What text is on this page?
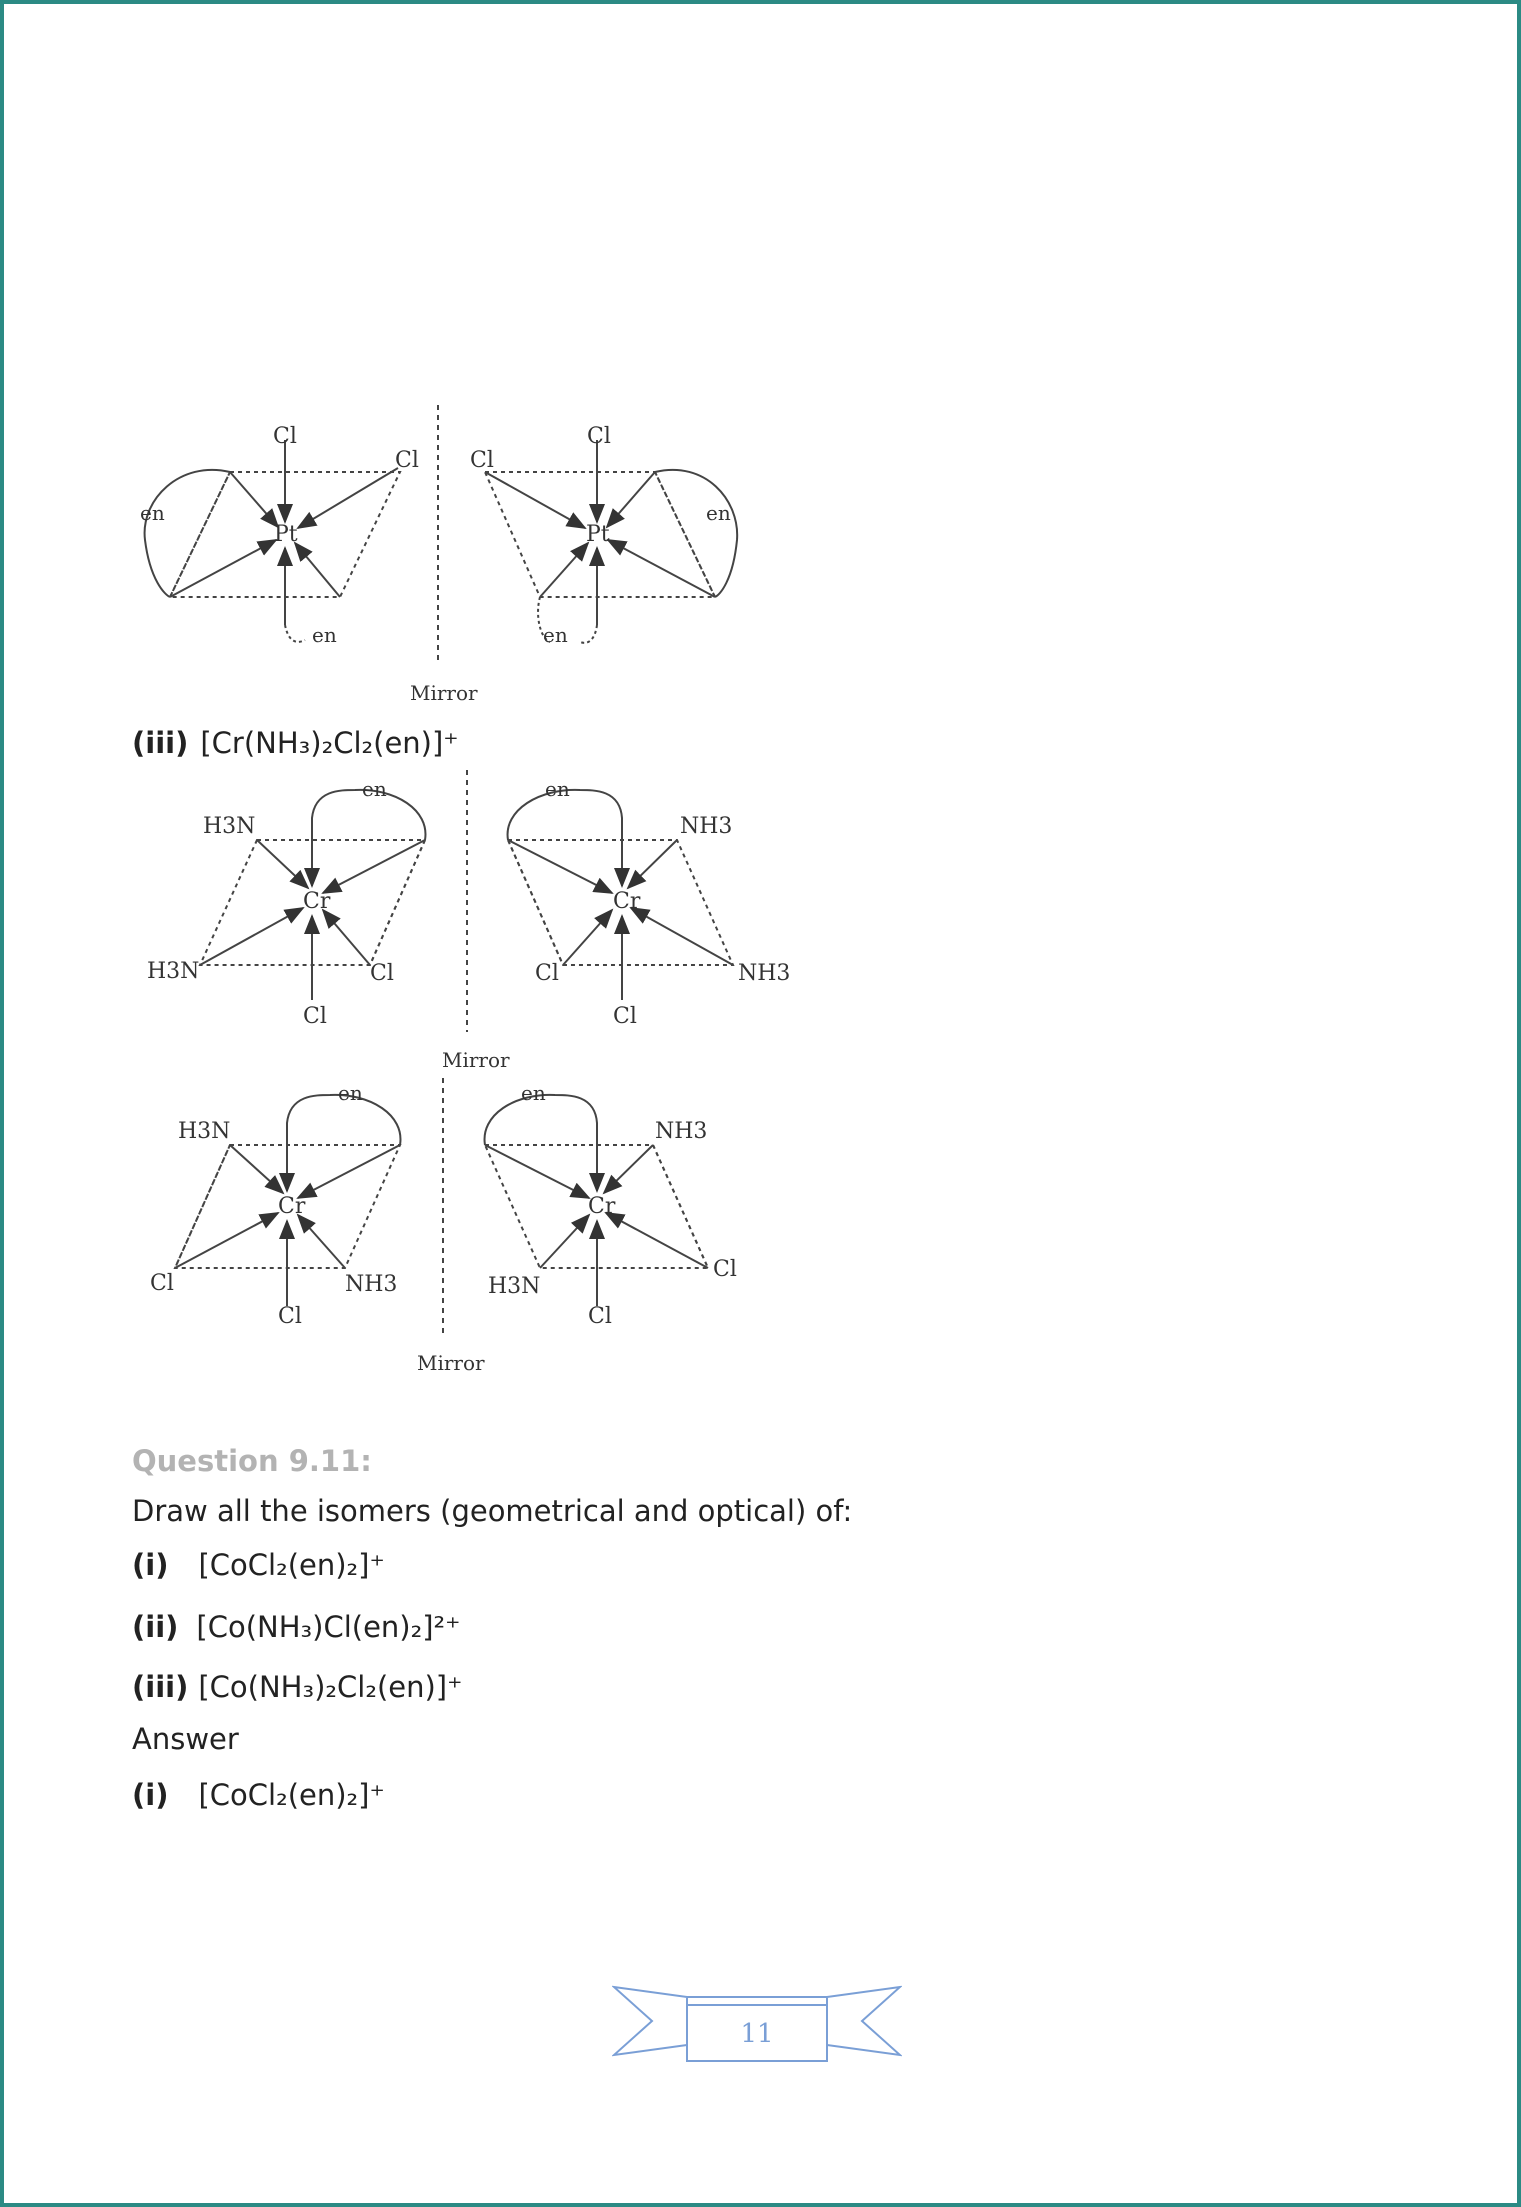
Cl
Cl
en
en
Pt
Mirror
Cl
Cl
en
en
Pt
(iii) [Cr(NH₃)₂Cl₂(en)]⁺
en
H3N
H3N	Cl
Cl
Cr
Mirror
en
NH3
Cl	NH3
Cl
Cr
en
H3N
Cl	NH3
Cl
Cr
Mirror
en
NH3
H3N
Cl
Cl
Cr
Question 9.11:
Draw all the isomers (geometrical and optical) of:
(i) [CoCl₂(en)₂]⁺
(ii) [Co(NH₃)Cl(en)₂]²⁺
(iii) [Co(NH₃)₂Cl₂(en)]⁺
Answer
(i) [CoCl₂(en)₂]⁺
11
